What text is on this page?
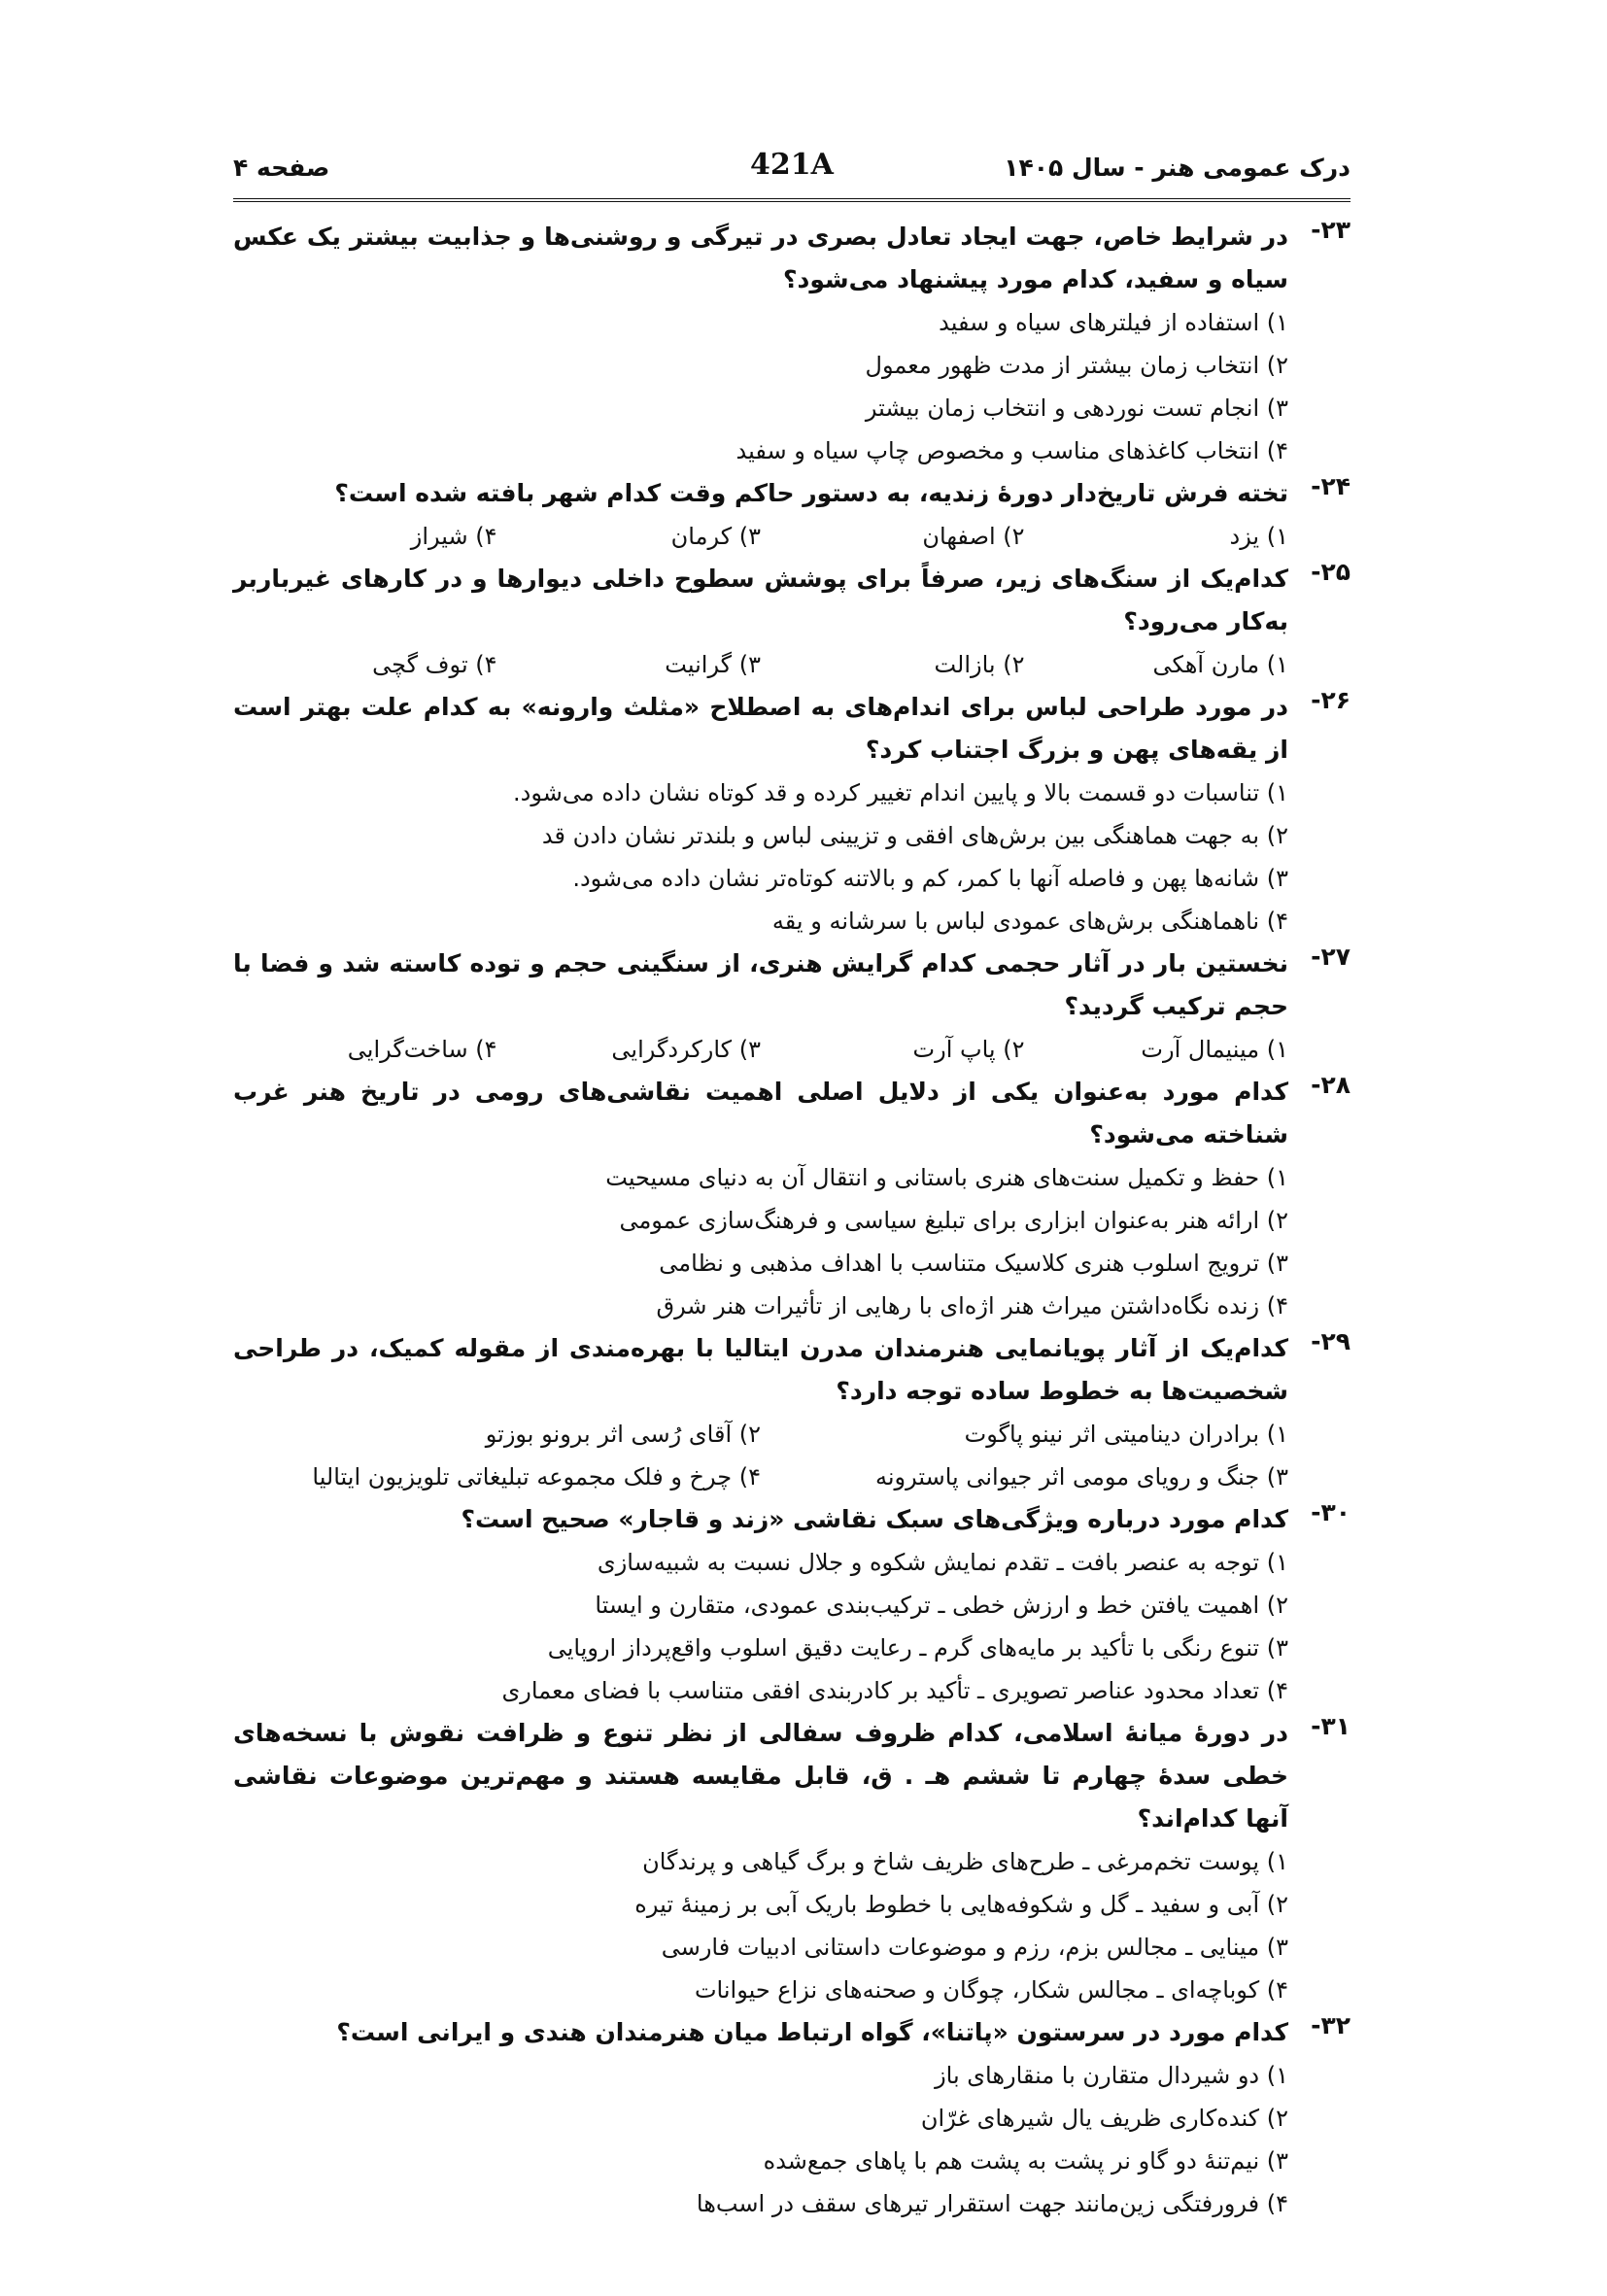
درک عمومی هنر - سال ۱۴۰۵
421A
صفحه ۴
۲۳-
در شرایط خاص، جهت ایجاد تعادل بصری در تیرگی و روشنی‌ها و جذابیت بیشتر یک عکس سیاه و سفید، کدام مورد پیشنهاد می‌شود؟
۱) استفاده از فیلترهای سیاه و سفید
۲) انتخاب زمان بیشتر از مدت ظهور معمول
۳) انجام تست نوردهی و انتخاب زمان بیشتر
۴) انتخاب کاغذهای مناسب و مخصوص چاپ سیاه و سفید
۲۴-
تخته فرش تاریخ‌دار دورهٔ زندیه، به دستور حاکم وقت کدام شهر بافته شده است؟
۱) یزد
۲) اصفهان
۳) کرمان
۴) شیراز
۲۵-
کدام‌یک از سنگ‌های زیر، صرفاً برای پوشش سطوح داخلی دیوارها و در کارهای غیرباربر به‌کار می‌رود؟
۱) مارن آهکی
۲) بازالت
۳) گرانیت
۴) توف گچی
۲۶-
در مورد طراحی لباس برای اندام‌های به اصطلاح «مثلث وارونه» به کدام علت بهتر است از یقه‌های پهن و بزرگ اجتناب کرد؟
۱) تناسبات دو قسمت بالا و پایین اندام تغییر کرده و قد کوتاه نشان داده می‌شود.
۲) به جهت هماهنگی بین برش‌های افقی و تزیینی لباس و بلندتر نشان دادن قد
۳) شانه‌ها پهن و فاصله آنها با کمر، کم و بالاتنه کوتاه‌تر نشان داده می‌شود.
۴) ناهماهنگی برش‌های عمودی لباس با سرشانه و یقه
۲۷-
نخستین بار در آثار حجمی کدام گرایش هنری، از سنگینی حجم و توده کاسته شد و فضا با حجم ترکیب گردید؟
۱) مینیمال آرت
۲) پاپ آرت
۳) کارکردگرایی
۴) ساخت‌گرایی
۲۸-
کدام مورد به‌عنوان یکی از دلایل اصلی اهمیت نقاشی‌های رومی در تاریخ هنر غرب شناخته می‌شود؟
۱) حفظ و تکمیل سنت‌های هنری باستانی و انتقال آن به دنیای مسیحیت
۲) ارائه هنر به‌عنوان ابزاری برای تبلیغ سیاسی و فرهنگ‌سازی عمومی
۳) ترویج اسلوب هنری کلاسیک متناسب با اهداف مذهبی و نظامی
۴) زنده نگاه‌داشتن میراث هنر اژه‌ای با رهایی از تأثیرات هنر شرق
۲۹-
کدام‌یک از آثار پویانمایی هنرمندان مدرن ایتالیا با بهره‌مندی از مقوله کمیک، در طراحی شخصیت‌ها به خطوط ساده توجه دارد؟
۱) برادران دینامیتی اثر نینو پاگوت
۲) آقای رُسی اثر برونو بوزتو
۳) جنگ و رویای مومی اثر جیوانی پاسترونه
۴) چرخ و فلک مجموعه تبلیغاتی تلویزیون ایتالیا
۳۰-
کدام مورد درباره ویژگی‌های سبک نقاشی «زند و قاجار» صحیح است؟
۱) توجه به عنصر بافت ـ تقدم نمایش شکوه و جلال نسبت به شبیه‌سازی
۲) اهمیت یافتن خط و ارزش خطی ـ ترکیب‌بندی عمودی، متقارن و ایستا
۳) تنوع رنگی با تأکید بر مایه‌های گرم ـ رعایت دقیق اسلوب واقع‌پرداز اروپایی
۴) تعداد محدود عناصر تصویری ـ تأکید بر کادربندی افقی متناسب با فضای معماری
۳۱-
در دورهٔ میانهٔ اسلامی، کدام ظروف سفالی از نظر تنوع و ظرافت نقوش با نسخه‌های خطی سدهٔ چهارم تا ششم هـ . ق، قابل مقایسه هستند و مهم‌ترین موضوعات نقاشی آنها کدام‌اند؟
۱) پوست تخم‌مرغی ـ طرح‌های ظریف شاخ و برگ گیاهی و پرندگان
۲) آبی و سفید ـ گل و شکوفه‌هایی با خطوط باریک آبی بر زمینهٔ تیره
۳) مینایی ـ مجالس بزم، رزم و موضوعات داستانی ادبیات فارسی
۴) کوباچه‌ای ـ مجالس شکار، چوگان و صحنه‌های نزاع حیوانات
۳۲-
کدام مورد در سرستون «پاتنا»، گواه ارتباط میان هنرمندان هندی و ایرانی است؟
۱) دو شیردال متقارن با منقارهای باز
۲) کنده‌کاری ظریف یال شیرهای غرّان
۳) نیم‌تنهٔ دو گاو نر پشت به پشت هم با پاهای جمع‌شده
۴) فرورفتگی زین‌مانند جهت استقرار تیرهای سقف در اسب‌ها
